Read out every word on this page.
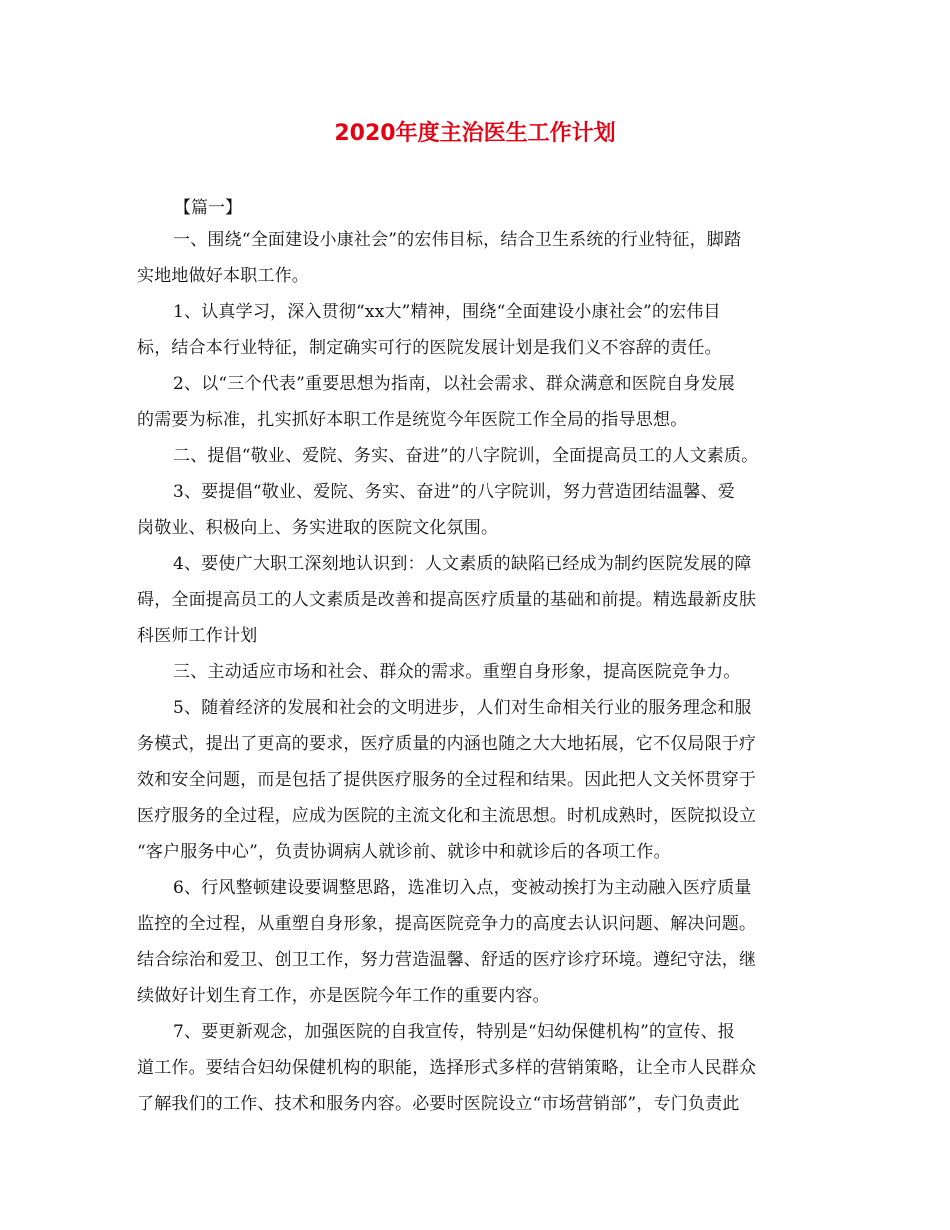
2020年度主治医生工作计划

【篇一】

一、围绕“全面建设小康社会”的宏伟目标，结合卫生系统的行业特征，脚踏
实地地做好本职工作。

1、认真学习，深入贯彻“xx大”精神，围绕“全面建设小康社会”的宏伟目
标，结合本行业特征，制定确实可行的医院发展计划是我们义不容辞的责任。

2、以“三个代表”重要思想为指南，以社会需求、群众满意和医院自身发展
的需要为标准，扎实抓好本职工作是统览今年医院工作全局的指导思想。

二、提倡“敬业、爱院、务实、奋进”的八字院训，全面提高员工的人文素质。

3、要提倡“敬业、爱院、务实、奋进”的八字院训，努力营造团结温馨、爱
岗敬业、积极向上、务实进取的医院文化氛围。

4、要使广大职工深刻地认识到：人文素质的缺陷已经成为制约医院发展的障
碍，全面提高员工的人文素质是改善和提高医疗质量的基础和前提。精选最新皮肤
科医师工作计划

三、主动适应市场和社会、群众的需求。重塑自身形象，提高医院竞争力。

5、随着经济的发展和社会的文明进步，人们对生命相关行业的服务理念和服
务模式，提出了更高的要求，医疗质量的内涵也随之大大地拓展，它不仅局限于疗
效和安全问题，而是包括了提供医疗服务的全过程和结果。因此把人文关怀贯穿于
医疗服务的全过程，应成为医院的主流文化和主流思想。时机成熟时，医院拟设立
“客户服务中心”，负责协调病人就诊前、就诊中和就诊后的各项工作。

6、行风整顿建设要调整思路，选准切入点，变被动挨打为主动融入医疗质量
监控的全过程，从重塑自身形象，提高医院竞争力的高度去认识问题、解决问题。
结合综治和爱卫、创卫工作，努力营造温馨、舒适的医疗诊疗环境。遵纪守法，继
续做好计划生育工作，亦是医院今年工作的重要内容。

7、要更新观念，加强医院的自我宣传，特别是“妇幼保健机构”的宣传、报
道工作。要结合妇幼保健机构的职能，选择形式多样的营销策略，让全市人民群众
了解我们的工作、技术和服务内容。必要时医院设立“市场营销部”，专门负责此
